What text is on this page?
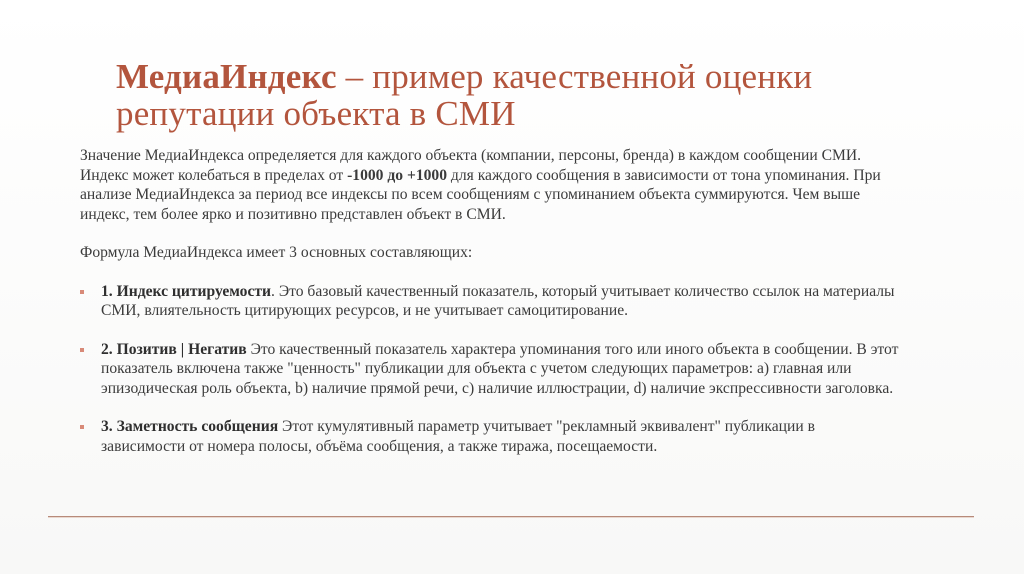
МедиаИндекс – пример качественной оценки репутации объекта в СМИ

Значение МедиаИндекса определяется для каждого объекта (компании, персоны, бренда) в каждом сообщении СМИ. Индекс может колебаться в пределах от -1000 до +1000 для каждого сообщения в зависимости от тона упоминания. При анализе МедиаИндекса за период все индексы по всем сообщениям с упоминанием объекта суммируются. Чем выше индекс, тем более ярко и позитивно представлен объект в СМИ.

Формула МедиаИндекса имеет 3 основных составляющих:

1. Индекс цитируемости. Это базовый качественный показатель, который учитывает количество ссылок на материалы СМИ, влиятельность цитирующих ресурсов, и не учитывает самоцитирование.
2. Позитив | Негатив Это качественный показатель характера упоминания того или иного объекта в сообщении. В этот показатель включена также "ценность" публикации для объекта с учетом следующих параметров: a) главная или эпизодическая роль объекта, b) наличие прямой речи, c) наличие иллюстрации, d) наличие экспрессивности заголовка.
3. Заметность сообщения Этот кумулятивный параметр учитывает "рекламный эквивалент" публикации в зависимости от номера полосы, объёма сообщения, а также тиража, посещаемости.
